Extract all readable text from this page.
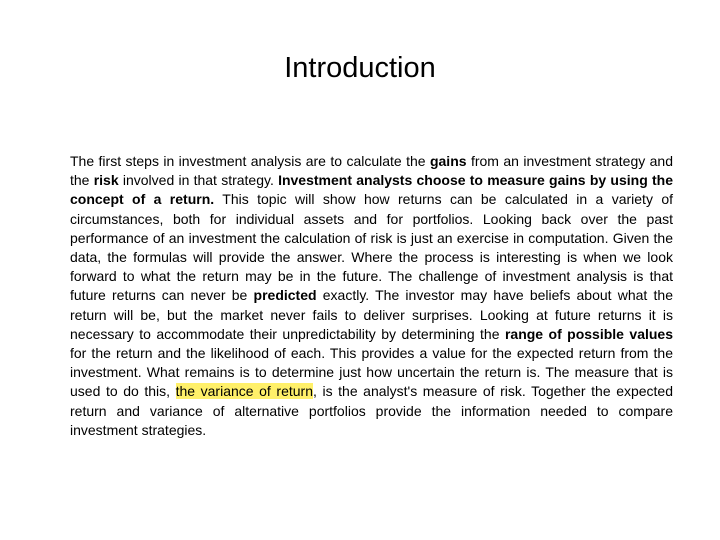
Introduction

The first steps in investment analysis are to calculate the gains from an investment strategy and the risk involved in that strategy. Investment analysts choose to measure gains by using the concept of a return. This topic will show how returns can be calculated in a variety of circumstances, both for individual assets and for portfolios. Looking back over the past performance of an investment the calculation of risk is just an exercise in computation. Given the data, the formulas will provide the answer. Where the process is interesting is when we look forward to what the return may be in the future. The challenge of investment analysis is that future returns can never be predicted exactly. The investor may have beliefs about what the return will be, but the market never fails to deliver surprises. Looking at future returns it is necessary to accommodate their unpredictability by determining the range of possible values for the return and the likelihood of each. This provides a value for the expected return from the investment. What remains is to determine just how uncertain the return is. The measure that is used to do this, the variance of return, is the analyst's measure of risk. Together the expected return and variance of alternative portfolios provide the information needed to compare investment strategies.
